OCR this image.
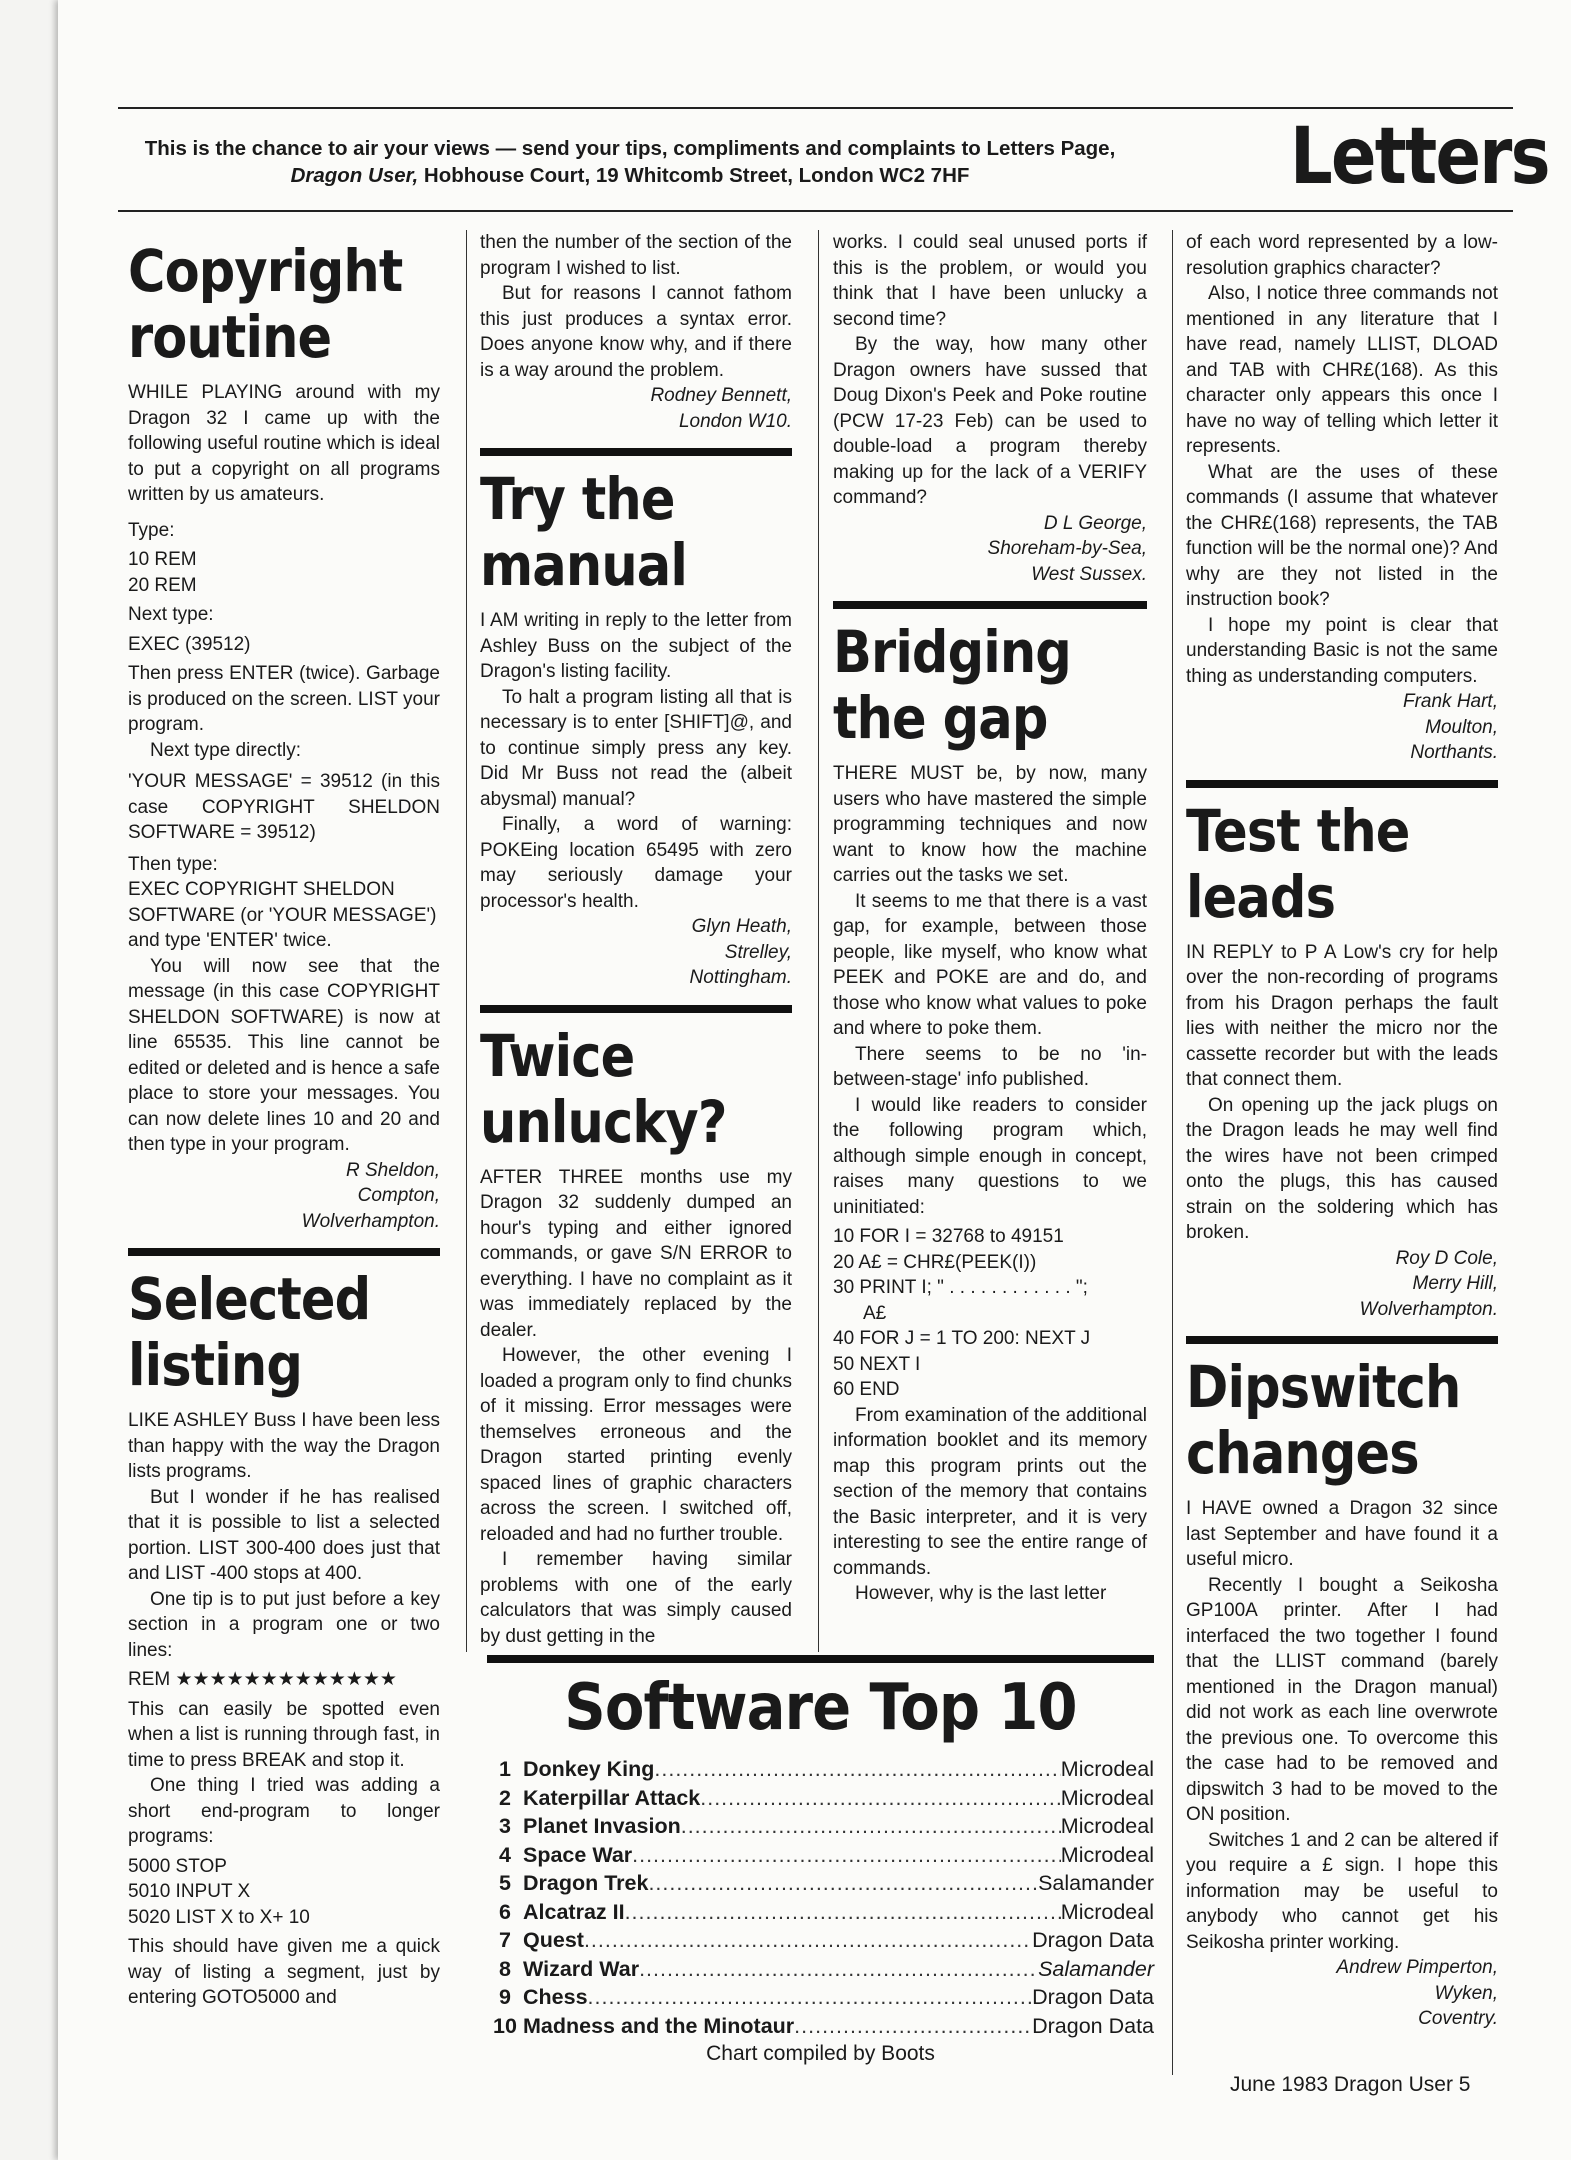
This is the chance to air your views — send your tips, compliments and complaints to Letters Page, Dragon User, Hobhouse Court, 19 Whitcomb Street, London WC2 7HF	Letters
Copyright routine

WHILE PLAYING around with my Dragon 32 I came up with the following useful routine which is ideal to put a copyright on all programs written by us amateurs.

Type:
10 REM
20 REM
Next type:
EXEC (39512)

Then press ENTER (twice). Garbage is produced on the screen. LIST your program.

Next type directly:

'YOUR MESSAGE' = 39512 (in this case COPYRIGHT SHELDON SOFTWARE = 39512)

Then type:

EXEC COPYRIGHT SHELDON SOFTWARE (or 'YOUR MESSAGE') and type 'ENTER' twice.

You will now see that the message (in this case COPYRIGHT SHELDON SOFTWARE) is now at line 65535. This line cannot be edited or deleted and is hence a safe place to store your messages. You can now delete lines 10 and 20 and then type in your program.

R Sheldon,
Compton,
Wolverhampton.
Selected listing

LIKE ASHLEY Buss I have been less than happy with the way the Dragon lists programs.

But I wonder if he has realised that it is possible to list a selected portion. LIST 300-400 does just that and LIST -400 stops at 400.

One tip is to put just before a key section in a program one or two lines:

REM ★★★★★★★★★★★★★

This can easily be spotted even when a list is running through fast, in time to press BREAK and stop it.

One thing I tried was adding a short end-program to longer programs:

5000 STOP
5010 INPUT X
5020 LIST X to X+ 10

This should have given me a quick way of listing a segment, just by entering GOTO5000 and

then the number of the section of the program I wished to list.

But for reasons I cannot fathom this just produces a syntax error. Does anyone know why, and if there is a way around the problem.

Rodney Bennett,
London W10.
Try the manual

I AM writing in reply to the letter from Ashley Buss on the subject of the Dragon's listing facility.

To halt a program listing all that is necessary is to enter [SHIFT]@, and to continue simply press any key. Did Mr Buss not read the (albeit abysmal) manual?

Finally, a word of warning: POKEing location 65495 with zero may seriously damage your processor's health.

Glyn Heath,
Strelley,
Nottingham.
Twice unlucky?

AFTER THREE months use my Dragon 32 suddenly dumped an hour's typing and either ignored commands, or gave S/N ERROR to everything. I have no complaint as it was immediately replaced by the dealer.

However, the other evening I loaded a program only to find chunks of it missing. Error messages were themselves erroneous and the Dragon started printing evenly spaced lines of graphic characters across the screen. I switched off, reloaded and had no further trouble.

I remember having similar problems with one of the early calculators that was simply caused by dust getting in the

works. I could seal unused ports if this is the problem, or would you think that I have been unlucky a second time?

By the way, how many other Dragon owners have sussed that Doug Dixon's Peek and Poke routine (PCW 17-23 Feb) can be used to double-load a program thereby making up for the lack of a VERIFY command?

D L George,
Shoreham-by-Sea,
West Sussex.
Bridging the gap

THERE MUST be, by now, many users who have mastered the simple programming techniques and now want to know how the machine carries out the tasks we set.

It seems to me that there is a vast gap, for example, between those people, like myself, who know what PEEK and POKE are and do, and those who know what values to poke and where to poke them.

There seems to be no 'in-between-stage' info published.

I would like readers to consider the following program which, although simple enough in concept, raises many questions to we uninitiated:

10 FOR I = 32768 to 49151
20 A£ = CHR£(PEEK(I))
30 PRINT I; " . . . . . . . . . . . . ";
A£
40 FOR J = 1 TO 200: NEXT J
50 NEXT I
60 END

From examination of the additional information booklet and its memory map this program prints out the section of the memory that contains the Basic interpreter, and it is very interesting to see the entire range of commands.

However, why is the last letter

of each word represented by a low-resolution graphics character?

Also, I notice three commands not mentioned in any literature that I have read, namely LLIST, DLOAD and TAB with CHR£(168). As this character only appears this once I have no way of telling which letter it represents.

What are the uses of these commands (I assume that whatever the CHR£(168) represents, the TAB function will be the normal one)? And why are they not listed in the instruction book?

I hope my point is clear that understanding Basic is not the same thing as understanding computers.

Frank Hart,
Moulton,
Northants.
Test the leads

IN REPLY to P A Low's cry for help over the non-recording of programs from his Dragon perhaps the fault lies with neither the micro nor the cassette recorder but with the leads that connect them.

On opening up the jack plugs on the Dragon leads he may well find the wires have not been crimped onto the plugs, this has caused strain on the soldering which has broken.

Roy D Cole,
Merry Hill,
Wolverhampton.
Dipswitch changes

I HAVE owned a Dragon 32 since last September and have found it a useful micro.

Recently I bought a Seikosha GP100A printer. After I had interfaced the two together I found that the LLIST command (barely mentioned in the Dragon manual) did not work as each line overwrote the previous one. To overcome this the case had to be removed and dipswitch 3 had to be moved to the ON position.

Switches 1 and 2 can be altered if you require a £ sign. I hope this information may be useful to anybody who cannot get his Seikosha printer working.

Andrew Pimperton,
Wyken,
Coventry.
Software Top 10
1 Donkey King .....	Microdeal
2 Katerpillar Attack .....	Microdeal
3 Planet Invasion .....	Microdeal
4 Space War .....	Microdeal
5 Dragon Trek .....	Salamander
6 Alcatraz II .....	Microdeal
7 Quest .....	Dragon Data
8 Wizard War .....	Salamander
9 Chess .....	Dragon Data
10 Madness and the Minotaur .....	Dragon Data
Chart compiled by Boots
June 1983 Dragon User 5
